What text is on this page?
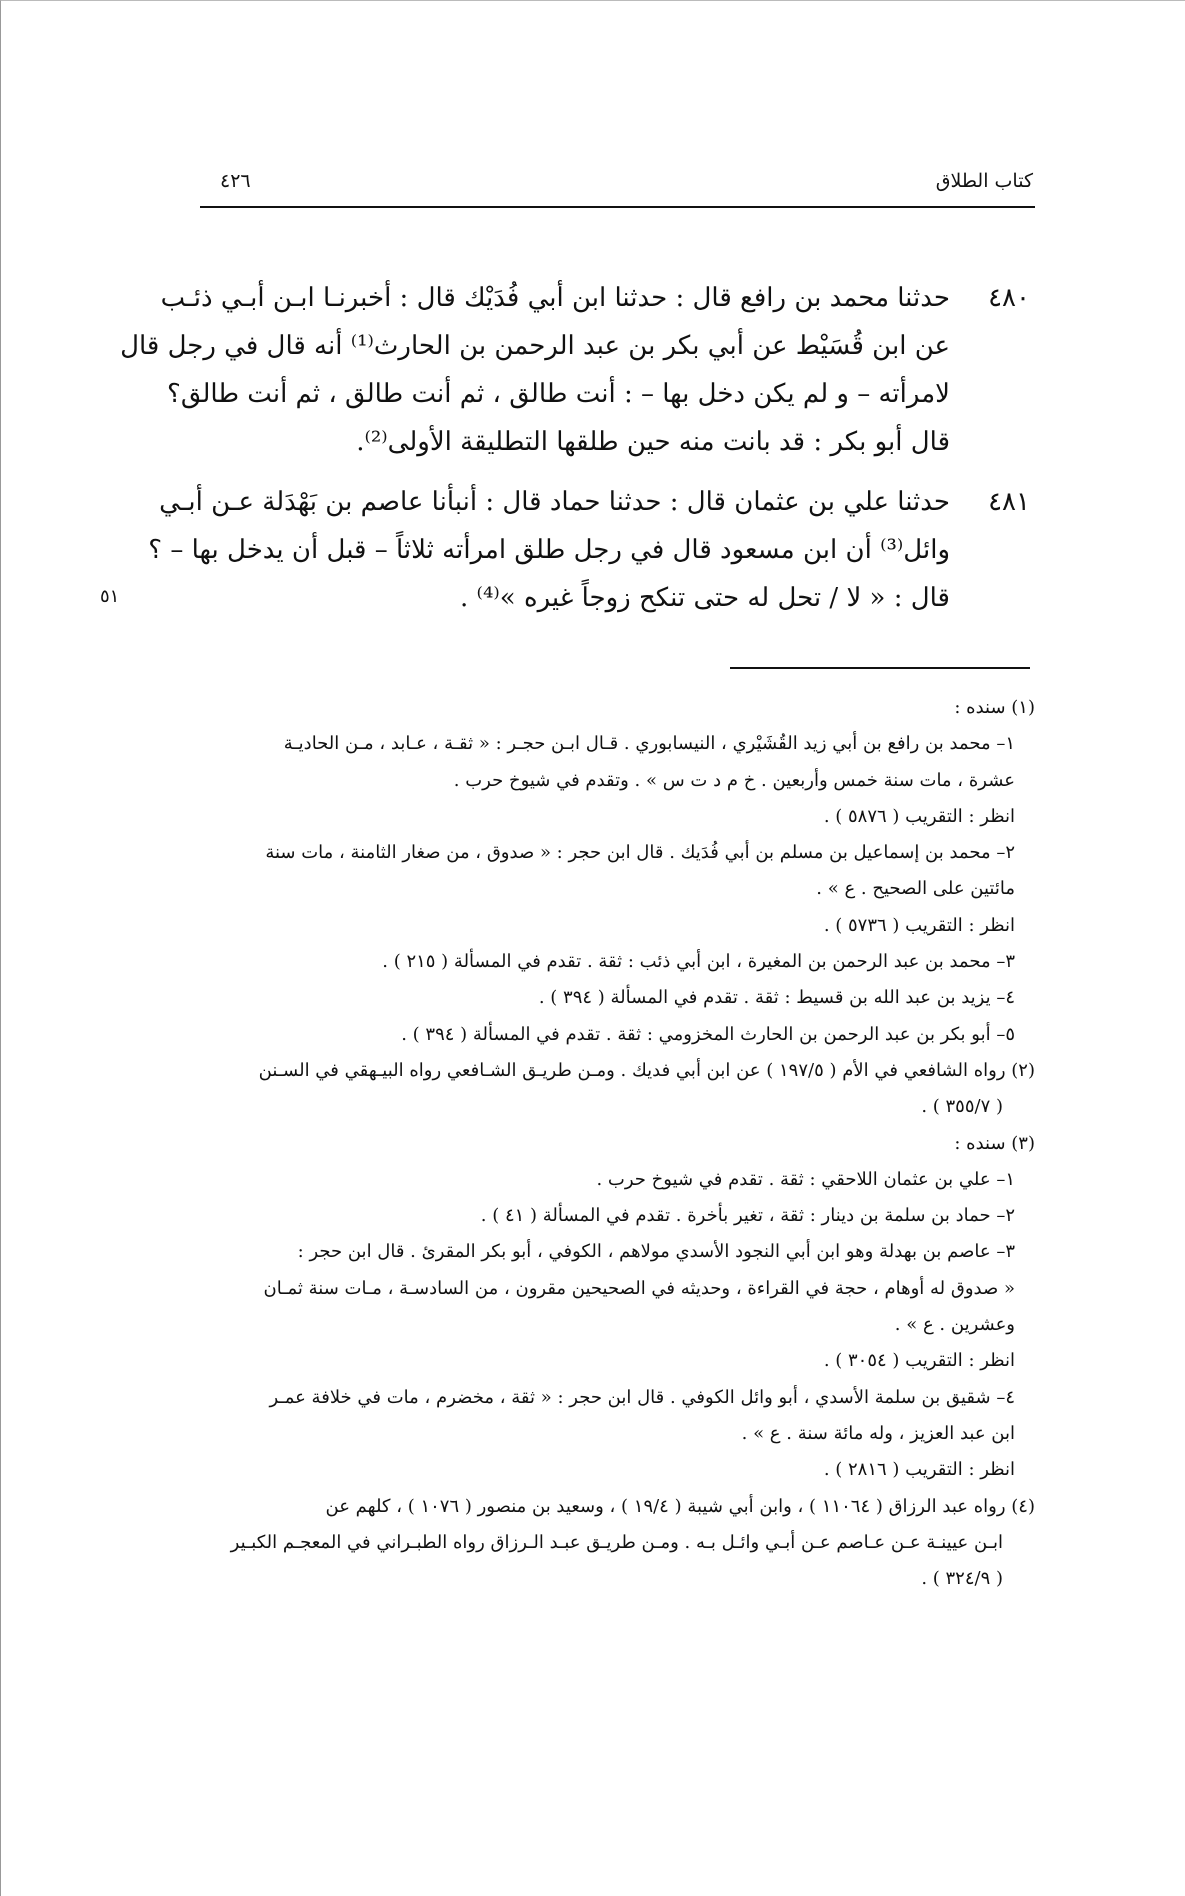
كتاب الطلاق
٤٢٦
٤٨٠
حدثنا محمد بن رافع قال : حدثنا ابن أبي فُدَيْك قال : أخبرنـا ابـن أبـي ذئـب
عن ابن قُسَيْط عن أبي بكر بن عبد الرحمن بن الحارث⁽¹⁾ أنه قال في رجل قال
لامرأته – و لم يكن دخل بها – : أنت طالق ، ثم أنت طالق ، ثم أنت طالق؟
قال أبو بكر : قد بانت منه حين طلقها التطليقة الأولى⁽²⁾.
٤٨١
حدثنا علي بن عثمان قال : حدثنا حماد قال : أنبأنا عاصم بن بَهْدَلة عـن أبـي
وائل⁽³⁾ أن ابن مسعود قال في رجل طلق امرأته ثلاثاً – قبل أن يدخل بها – ؟
قال : « لا / تحل له حتى تنكح زوجاً غيره »⁽⁴⁾ .
٥١
(١) سنده :
١– محمد بن رافع بن أبي زيد القُشَيْري ، النيسابوري . قـال ابـن حجـر : « ثقـة ، عـابد ، مـن الحاديـة
عشرة ، مات سنة خمس وأربعين . خ م د ت س » . وتقدم في شيوخ حرب .
انظر : التقريب ( ٥٨٧٦ ) .
٢– محمد بن إسماعيل بن مسلم بن أبي فُدَيك . قال ابن حجر : « صدوق ، من صغار الثامنة ، مات سنة
مائتين على الصحيح . ع » .
انظر : التقريب ( ٥٧٣٦ ) .
٣– محمد بن عبد الرحمن بن المغيرة ، ابن أبي ذئب : ثقة . تقدم في المسألة ( ٢١٥ ) .
٤– يزيد بن عبد الله بن قسيط : ثقة . تقدم في المسألة ( ٣٩٤ ) .
٥– أبو بكر بن عبد الرحمن بن الحارث المخزومي : ثقة . تقدم في المسألة ( ٣٩٤ ) .
(٢) رواه الشافعي في الأم ( ١٩٧/٥ ) عن ابن أبي فديك . ومـن طريـق الشـافعي رواه البيـهقي في السـنن
( ٣٥٥/٧ ) .
(٣) سنده :
١– علي بن عثمان اللاحقي : ثقة . تقدم في شيوخ حرب .
٢– حماد بن سلمة بن دينار : ثقة ، تغير بأخرة . تقدم في المسألة ( ٤١ ) .
٣– عاصم بن بهدلة وهو ابن أبي النجود الأسدي مولاهم ، الكوفي ، أبو بكر المقرئ . قال ابن حجر :
« صدوق له أوهام ، حجة في القراءة ، وحديثه في الصحيحين مقرون ، من السادسـة ، مـات سنة ثمـان
وعشرين . ع » .
انظر : التقريب ( ٣٠٥٤ ) .
٤– شقيق بن سلمة الأسدي ، أبو وائل الكوفي . قال ابن حجر : « ثقة ، مخضرم ، مات في خلافة عمـر
ابن عبد العزيز ، وله مائة سنة . ع » .
انظر : التقريب ( ٢٨١٦ ) .
(٤) رواه عبد الرزاق ( ١١٠٦٤ ) ، وابن أبي شيبة ( ١٩/٤ ) ، وسعيد بن منصور ( ١٠٧٦ ) ، كلهم عن
ابـن عيينـة عـن عـاصم عـن أبـي وائـل بـه . ومـن طريـق عبـد الـرزاق رواه الطبـراني في المعجـم الكبـير
( ٣٢٤/٩ ) .
